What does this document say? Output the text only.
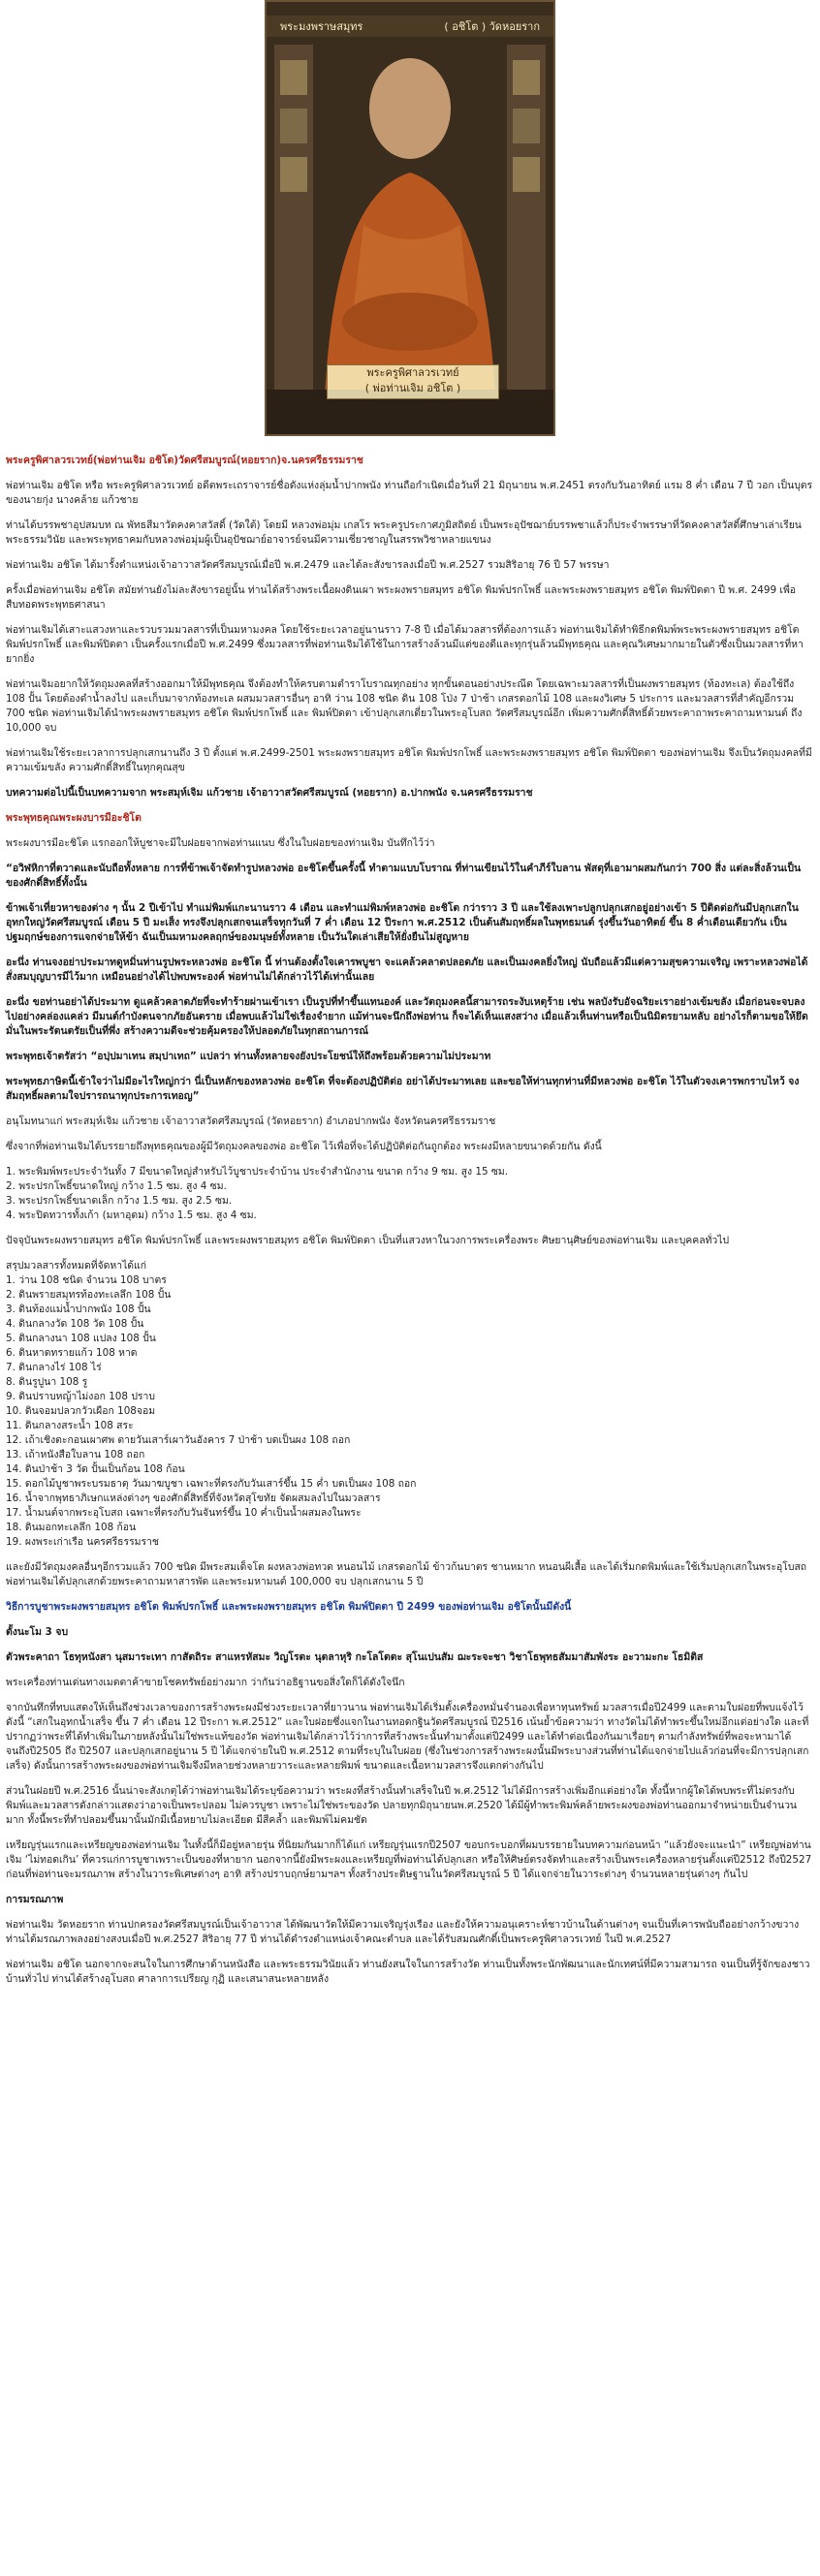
พระมงพราษสมุทร	( อชิโต ) วัดหอยราก
พระครูพิศาลวรเวทย์
( พ่อท่านเจิม อชิโต )

พระครูพิศาลวรเวทย์(พ่อท่านเจิม อชิโต)วัดศรีสมบูรณ์(หอยราก)จ.นครศรีธรรมราช

พ่อท่านเจิม อชิโต หรือ พระครูพิศาลวรเวทย์ อดีตพระเถราจารย์ชื่อดังแห่งลุ่มน้ำปากพนัง ท่านถือกำเนิดเมื่อวันที่ 21 มิถุนายน พ.ศ.2451 ตรงกับวันอาทิตย์ แรม 8 ค่ำ เดือน 7 ปี วอก เป็นบุตรของนายกุ่ง นางคล้าย แก้วชาย

ท่านได้บรรพชาอุปสมบท ณ พัทธสีมาวัดคงคาสวัสดิ์ (วัดใต้) โดยมี หลวงพ่อมุ่ม เกสโร พระครูประกาศภูมิสถิตย์ เป็นพระอุปัชฌาย์บรรพชาแล้วก็ประจำพรรษาที่วัดคงคาสวัสดิ์ศึกษาเล่าเรียนพระธรรมวินัย และพระพุทธาคมกับหลวงพ่อมุ่มผู้เป็นอุปัชฌาย์อาจารย์จนมีความเชี่ยวชาญในสรรพวิชาหลายแขนง

พ่อท่านเจิม อชิโต ได้มารั้งตำแหน่งเจ้าอาวาสวัดศรีสมบูรณ์เมื่อปี พ.ศ.2479 และได้ละสังขารลงเมื่อปี พ.ศ.2527 รวมสิริอายุ 76 ปี 57 พรรษา

ครั้งเมื่อพ่อท่านเจิม อชิโต สมัยท่านยังไม่ละสังขารอยู่นั้น ท่านได้สร้างพระเนื้อผงดินเผา พระผงพรายสมุทร อชิโต พิมพ์ปรกโพธิ์ และพระผงพรายสมุทร อชิโต พิมพ์ปิดตา ปี พ.ศ. 2499 เพื่อสืบทอดพระพุทธศาสนา

พ่อท่านเจิมได้เสาะแสวงหาและรวบรวมมวลสารที่เป็นมหามงคล โดยใช้ระยะเวลาอยู่นานราว 7-8 ปี เมื่อได้มวลสารที่ต้องการแล้ว พ่อท่านเจิมได้ทำพิธีกดพิมพ์พระพระผงพรายสมุทร อชิโต พิมพ์ปรกโพธิ์ และพิมพ์ปิดตา เป็นครั้งแรกเมื่อปี พ.ศ.2499 ซึ่งมวลสารที่พ่อท่านเจิมได้ใช้ในการสร้างล้วนมีแต่ของดีและทุกรุ่นล้วนมีพุทธคุณ และคุณวิเศษมากมายในตัวซึ่งเป็นมวลสารที่หายากยิ่ง

พ่อท่านเจิมอยากให้วัตถุมงคลที่สร้างออกมาให้มีพุทธคุณ จึงต้องทำให้ครบตามตำราโบราณทุกอย่าง ทุกขั้นตอนอย่างประณีต โดยเฉพาะมวลสารที่เป็นผงพรายสมุทร (ท้องทะเล) ต้องใช้ถึง 108 ปั้น โดยต้องดำน้ำลงไป และเก็บมาจากท้องทะเล ผสมมวลสารอื่นๆ อาทิ ว่าน 108 ชนิด ดิน 108 โป่ง 7 ป่าช้า เกสรดอกไม้ 108 และผงวิเศษ 5 ประการ และมวลสารที่สำคัญอีกรวม 700 ชนิด พ่อท่านเจิมได้นำพระผงพรายสมุทร อชิโต พิมพ์ปรกโพธิ์ และ พิมพ์ปิดตา เข้าปลุกเสกเดี่ยวในพระอุโบสถ วัดศรีสมบูรณ์อีก เพิ่มความศักดิ์สิทธิ์ด้วยพระคาถาพระคาถามหามนต์ ถึง 10,000 จบ

พ่อท่านเจิมใช้ระยะเวลาการปลุกเสกนานถึง 3 ปี ตั้งแต่ พ.ศ.2499-2501 พระผงพรายสมุทร อชิโต พิมพ์ปรกโพธิ์ และพระผงพรายสมุทร อชิโต พิมพ์ปิดตา ของพ่อท่านเจิม จึงเป็นวัตถุมงคลที่มีความเข้มขลัง ความศักดิ์สิทธิ์ในทุกคุณสุข

บทความต่อไปนี้เป็นบทความจาก พระสมุห์เจิม แก้วชาย เจ้าอาวาสวัดศรีสมบูรณ์ (หอยราก) อ.ปากพนัง จ.นครศรีธรรมราช

พระพุทธคุณพระผงบารมีอะชิโต

พระผงบารมีอะชิโต แรกออกให้บูชาจะมีใบฝอยจากพ่อท่านแนบ ซึ่งในใบฝอยของท่านเจิม บันทึกไว้ว่า

“อวิฬหิกาที่ตวาดและนับถือทั้งหลาย การที่ข้าพเจ้าจัดทำรูปหลวงพ่อ อะชิโตขึ้นครั้งนี้ ทำตามแบบโบราณ ที่ท่านเขียนไว้ในคำภีร์ใบลาน พัสดุที่เอามาผสมกันกว่า 700 สิ่ง แต่ละสิ่งล้วนเป็นของศักดิ์สิทธิ์ทั้งนั้น

ข้าพเจ้าเที่ยวหาของต่าง ๆ นั้น 2 ปีเข้าไป ทำแม่พิมพ์แกะนานราว 4 เดือน และทำแม่พิมพ์หลวงพ่อ อะชิโต กว่าราว 3 ปี และใช้ลงเพาะปลูกปลุกเสกอยู่อย่างเข้า 5 ปีติดต่อกันมีปลุกเสกในอุทกใหญ่วัดศรีสมบูรณ์ เดือน 5 ปี มะเส็ง ทรงจึงปลุกเสกจนเสร็จทุกวันที่ 7 ค่ำ เดือน 12 ปีระกา พ.ศ.2512 เป็นต้นสัมฤทธิ์ผลในพุทธมนต์ รุ่งขึ้นวันอาทิตย์ ขึ้น 8 ค่ำเดือนเดียวกัน เป็นปฐมฤกษ์ของการแจกจ่ายให้ข้า ฉันเป็นมหามงคลฤกษ์ของมนุษย์ทั้งหลาย เป็นวันใดเล่าเสียให้ยั่งยืนไม่สูญหาย

อะนึ่ง ท่านจงอย่าประมาทดูหมิ่นท่านรูปพระหลวงพ่อ อะชิโต นี้ ท่านต้องตั้งใจเคารพบูชา จะแคล้วคลาดปลอดภัย และเป็นมงคลยิ่งใหญ่ นับถือแล้วมีแต่ความสุขความเจริญ เพราะหลวงพ่อได้สั่งสมบุญบารมีไว้มาก เหมือนอย่างได้ไปพบพระองค์ พ่อท่านไม่ได้กล่าวไว้ได้เท่านั้นเลย

อะนึ่ง ขอท่านอย่าได้ประมาท ดูแคล้วคลาดภัยที่จะทำร้ายผ่านเข้าเรา เป็นรูปที่ทำขึ้นแทนองค์ และวัตถุมงคลนี้สามารถระงับเหตุร้าย เช่น พลบังรับอัจฉริยะเราอย่างเข้มขลัง เมื่อก่อนจะจบลงไปอย่างคล่องแคล่ว มีมนต์กำบังตนจากภัยอันตราย เมื่อพบแล้วไม่ใช่เรื่องจำยาก แม้ท่านจะนึกถึงพ่อท่าน ก็จะได้เห็นแสงสว่าง เมื่อแล้วเห็นท่านหรือเป็นนิมิตรยามหลับ อย่างไรก็ตามขอให้ยึดมั่นในพระรัตนตรัยเป็นที่พึ่ง สร้างความดีจะช่วยคุ้มครองให้ปลอดภัยในทุกสถานการณ์

พระพุทธเจ้าตรัสว่า “อปฺปมาเทน สมฺปาเทถ” แปลว่า ท่านทั้งหลายจงยังประโยชน์ให้ถึงพร้อมด้วยความไม่ประมาท

พระพุทธภาษิตนี้เข้าใจว่าไม่มีอะไรใหญ่กว่า นี่เป็นหลักของหลวงพ่อ อะชิโต ที่จะต้องปฏิบัติต่อ อย่าได้ประมาทเลย และขอให้ท่านทุกท่านที่มีหลวงพ่อ อะชิโต ไว้ในตัวจงเคารพกราบไหว้ จงสัมฤทธิ์ผลตามใจปรารถนาทุกประการเทอญ”

อนุโมทนาแก่ พระสมุห์เจิม แก้วชาย เจ้าอาวาสวัดศรีสมบูรณ์ (วัดหอยราก) อำเภอปากพนัง จังหวัดนครศรีธรรมราช

ซึ่งจากที่พ่อท่านเจิมได้บรรยายถึงพุทธคุณของผู้มีวัตถุมงคลของพ่อ อะชิโต ไว้เพื่อที่จะได้ปฏิบัติต่อกันถูกต้อง พระผงมีหลายขนาดด้วยกัน ดังนี้

1. พระพิมพ์พระประจำวันทั้ง 7 มีขนาดใหญ่สำหรับไว้บูชาประจำบ้าน ประจำสำนักงาน ขนาด กว้าง 9 ซม. สูง 15 ซม.
2. พระปรกโพธิ์ขนาดใหญ่ กว้าง 1.5 ซม. สูง 4 ซม.
3. พระปรกโพธิ์ขนาดเล็ก กว้าง 1.5 ซม. สูง 2.5 ซม.
4. พระปิดทวารทั้งเก้า (มหาอุดม) กว้าง 1.5 ซม. สูง 4 ซม.

ปัจจุบันพระผงพรายสมุทร อชิโต พิมพ์ปรกโพธิ์ และพระผงพรายสมุทร อชิโต พิมพ์ปิดตา เป็นที่แสวงหาในวงการพระเครื่องพระ ศิษยานุศิษย์ของพ่อท่านเจิม และบุคคลทั่วไป

สรุปมวลสารทั้งหมดที่จัดหาได้แก่

1. ว่าน 108 ชนิด จำนวน 108 บาตร
2. ดินพรายสมุทรท้องทะเลลึก 108 ปั้น
3. ดินท้องแม่น้ำปากพนัง 108 ปั้น
4. ดินกลางวัด 108 วัด 108 ปั้น
5. ดินกลางนา 108 แปลง 108 ปั้น
6. ดินหาดทรายแก้ว 108 หาด
7. ดินกลางไร่ 108 ไร่
8. ดินรูปูนา 108 รู
9. ดินปราบหญ้าไม่งอก 108 ปราบ
10. ดินจอมปลวกวัวเผือก 108จอม
11. ดินกลางสระน้ำ 108 สระ
12. เถ้าเชิงตะกอนเผาศพ ตายวันเสาร์เผาวันอังคาร 7 ป่าช้า บดเป็นผง 108 ถอก
13. เถ้าหนังสือใบลาน 108 ถอก
14. ดินป่าช้า 3 วัด ปั้นเป็นก้อน 108 ก้อน
15. ดอกไม้บูชาพระบรมธาตุ วันมาฆบูชา เฉพาะที่ตรงกับวันเสาร์ขึ้น 15 ค่ำ บดเป็นผง 108 ถอก
16. น้ำจากพุทธาภิเษกแหล่งต่างๆ ของศักดิ์สิทธิ์ที่จังหวัดสุโขทัย จัดผสมลงไปในมวลสาร
17. น้ำมนต์จากพระอุโบสถ เฉพาะที่ตรงกับวันจันทร์ขึ้น 10 ค่ำเป็นน้ำผสมลงในพระ
18. ดินมอกทะเลลึก 108 ก้อน
19. ผงพระเก่าเรือ นครศรีธรรมราช

และยังมีวัตถุมงคลอื่นๆอีกรวมแล้ว 700 ชนิด มีพระสมเด็จโต ผงหลวงพ่อทวด หนอนไม้ เกสรดอกไม้ ข้าวก้นบาตร ชานหมาก หนอนผีเสื้อ และได้เริ่มกดพิมพ์และใช้เริ่มปลุกเสกในพระอุโบสถ พ่อท่านเจิมได้ปลุกเสกด้วยพระคาถามหาสารพัด และพระมหามนต์ 100,000 จบ ปลุกเสกนาน 5 ปี

วิธีการบูชาพระผงพรายสมุทร อชิโต พิมพ์ปรกโพธิ์ และพระผงพรายสมุทร อชิโต พิมพ์ปิดตา ปี 2499 ของพ่อท่านเจิม อชิโตนั้นมีดังนี้

ตั้งนะโม 3 จบ

ตัวพระคาถา โธทุหนังสา นุสมาระเทา กาสัตถิระ สาแหรหัสมะ วิญโรตะ นุตลาหุริ กะโลโตตะ สุโนเปนสัม ฌะระจะชา วิชาโธพุทธสัมมาสัมพังระ อะวามะกะ โธมิติส

พระเครื่องท่านเด่นทางเมตตาค้าขายโชคทรัพย์อย่างมาก ว่ากันว่าอธิฐานขอสิ่งใดก็ได้ดังใจนึก

จากบันทึกที่ทบแสดงให้เห็นถึงช่วงเวลาของการสร้างพระผงมีช่วงระยะเวลาที่ยาวนาน พ่อท่านเจิมได้เริ่มตั้งเครื่องหมั่นจำนองเพื่อหาทุนทรัพย์ มวลสารเมื่อปี2499 และตามใบฝอยที่พบแจ้งไว้ดังนี้ “เสกในอุทกน้ำเสร็จ ขึ้น 7 ค่ำ เดือน 12 ปีระกา พ.ศ.2512” และใบฝอยซึ่งแจกในงานทอดกฐินวัดศรีสมบูรณ์ ปี2516 เน้นย้ำข้อความว่า ทางวัดไม่ได้ทำพระขึ้นใหม่อีกแต่อย่างใด และที่ปรากฏว่าพระที่ได้ทำเพิ่มในภายหลังนั้นไม่ใช่พระแท้ของวัด พ่อท่านเจิมได้กล่าวไว้ว่าการที่สร้างพระนั้นทำมาตั้งแต่ปี2499 และได้ทำต่อเนื่องกันมาเรื่อยๆ ตามกำลังทรัพย์ที่พอจะหามาได้ จนถึงปี2505 ถึง ปี2507 และปลุกเสกอยู่นาน 5 ปี ได้แจกจ่ายในปี พ.ศ.2512 ตามที่ระบุในใบฝอย (ซึ่งในช่วงการสร้างพระผงนั้นมีพระบางส่วนที่ท่านได้แจกจ่ายไปแล้วก่อนที่จะมีการปลุกเสกเสร็จ) ดังนั้นการสร้างพระผงของพ่อท่านเจิมจึงมีหลายช่วงหลายวาระและหลายพิมพ์ ขนาดและเนื้อหามวลสารจึงแตกต่างกันไป

ส่วนในฝอยปี พ.ศ.2516 นั้นน่าจะสังเกตุได้ว่าพ่อท่านเจิมได้ระบุข้อความว่า พระผงที่สร้างนั้นทำเสร็จในปี พ.ศ.2512 ไม่ได้มีการสร้างเพิ่มอีกแต่อย่างใด ทั้งนี้หากผู้ใดได้พบพระที่ไม่ตรงกับพิมพ์และมวลสารดังกล่าวแสดงว่าอาจเป็นพระปลอม ไม่ควรบูชา เพราะไม่ใช่พระของวัด ปลายทุกมิถุนายนพ.ศ.2520 ได้มีผู้ทำพระพิมพ์คล้ายพระผงของพ่อท่านออกมาจำหน่ายเป็นจำนวนมาก ทั้งนี้พระที่ทำปลอมขึ้นมานั้นมักมีเนื้อหยาบไม่ละเอียด มีสีคล้ำ และพิมพ์ไม่คมชัด

เหรียญรุ่นแรกและเหรียญของพ่อท่านเจิม ในทั้งนี้ก็มีอยู่หลายรุ่น ที่นิยมกันมากก็ได้แก่ เหรียญรุ่นแรกปี2507 ขอบกระบอกที่ผมบรรยายในบทความก่อนหน้า “แล้วยังจะแนะนำ” เหรียญพ่อท่านเจิม ‘ไม่ทอดเกิน’ ที่ควรแก่การบูชาเพราะเป็นของที่หายาก นอกจากนี้ยังมีพระผงและเหรียญที่พ่อท่านได้ปลุกเสก หรือให้ศิษย์ตรงจัดทำและสร้างเป็นพระเครื่องหลายรุ่นตั้งแต่ปี2512 ถึงปี2527 ก่อนที่พ่อท่านจะมรณภาพ สร้างในวาระพิเศษต่างๆ อาทิ สร้างปราบฤกษ์ยามฯลฯ ทั้งสร้างประดิษฐานในวัดศรีสมบูรณ์ 5 ปี ได้แจกจ่ายในวาระต่างๆ จำนวนหลายรุ่นต่างๆ กันไป

การมรณภาพ

พ่อท่านเจิม วัดหอยราก ท่านปกครองวัดศรีสมบูรณ์เป็นเจ้าอาวาส ได้พัฒนาวัดให้มีความเจริญรุ่งเรือง และยังให้ความอนุเคราะห์ชาวบ้านในด้านต่างๆ จนเป็นที่เคารพนับถืออย่างกว้างขวาง ท่านได้มรณภาพลงอย่างสงบเมื่อปี พ.ศ.2527 สิริอายุ 77 ปี ท่านได้ดำรงตำแหน่งเจ้าคณะตำบล และได้รับสมณศักดิ์เป็นพระครูพิศาลวรเวทย์ ในปี พ.ศ.2527

พ่อท่านเจิม อชิโต นอกจากจะสนใจในการศึกษาด้านหนังสือ และพระธรรมวินัยแล้ว ท่านยังสนใจในการสร้างวัด ท่านเป็นทั้งพระนักพัฒนาและนักเทศน์ที่มีความสามารถ จนเป็นที่รู้จักของชาวบ้านทั่วไป ท่านได้สร้างอุโบสถ ศาลาการเปรียญ กุฏิ และเสนาสนะหลายหลัง
